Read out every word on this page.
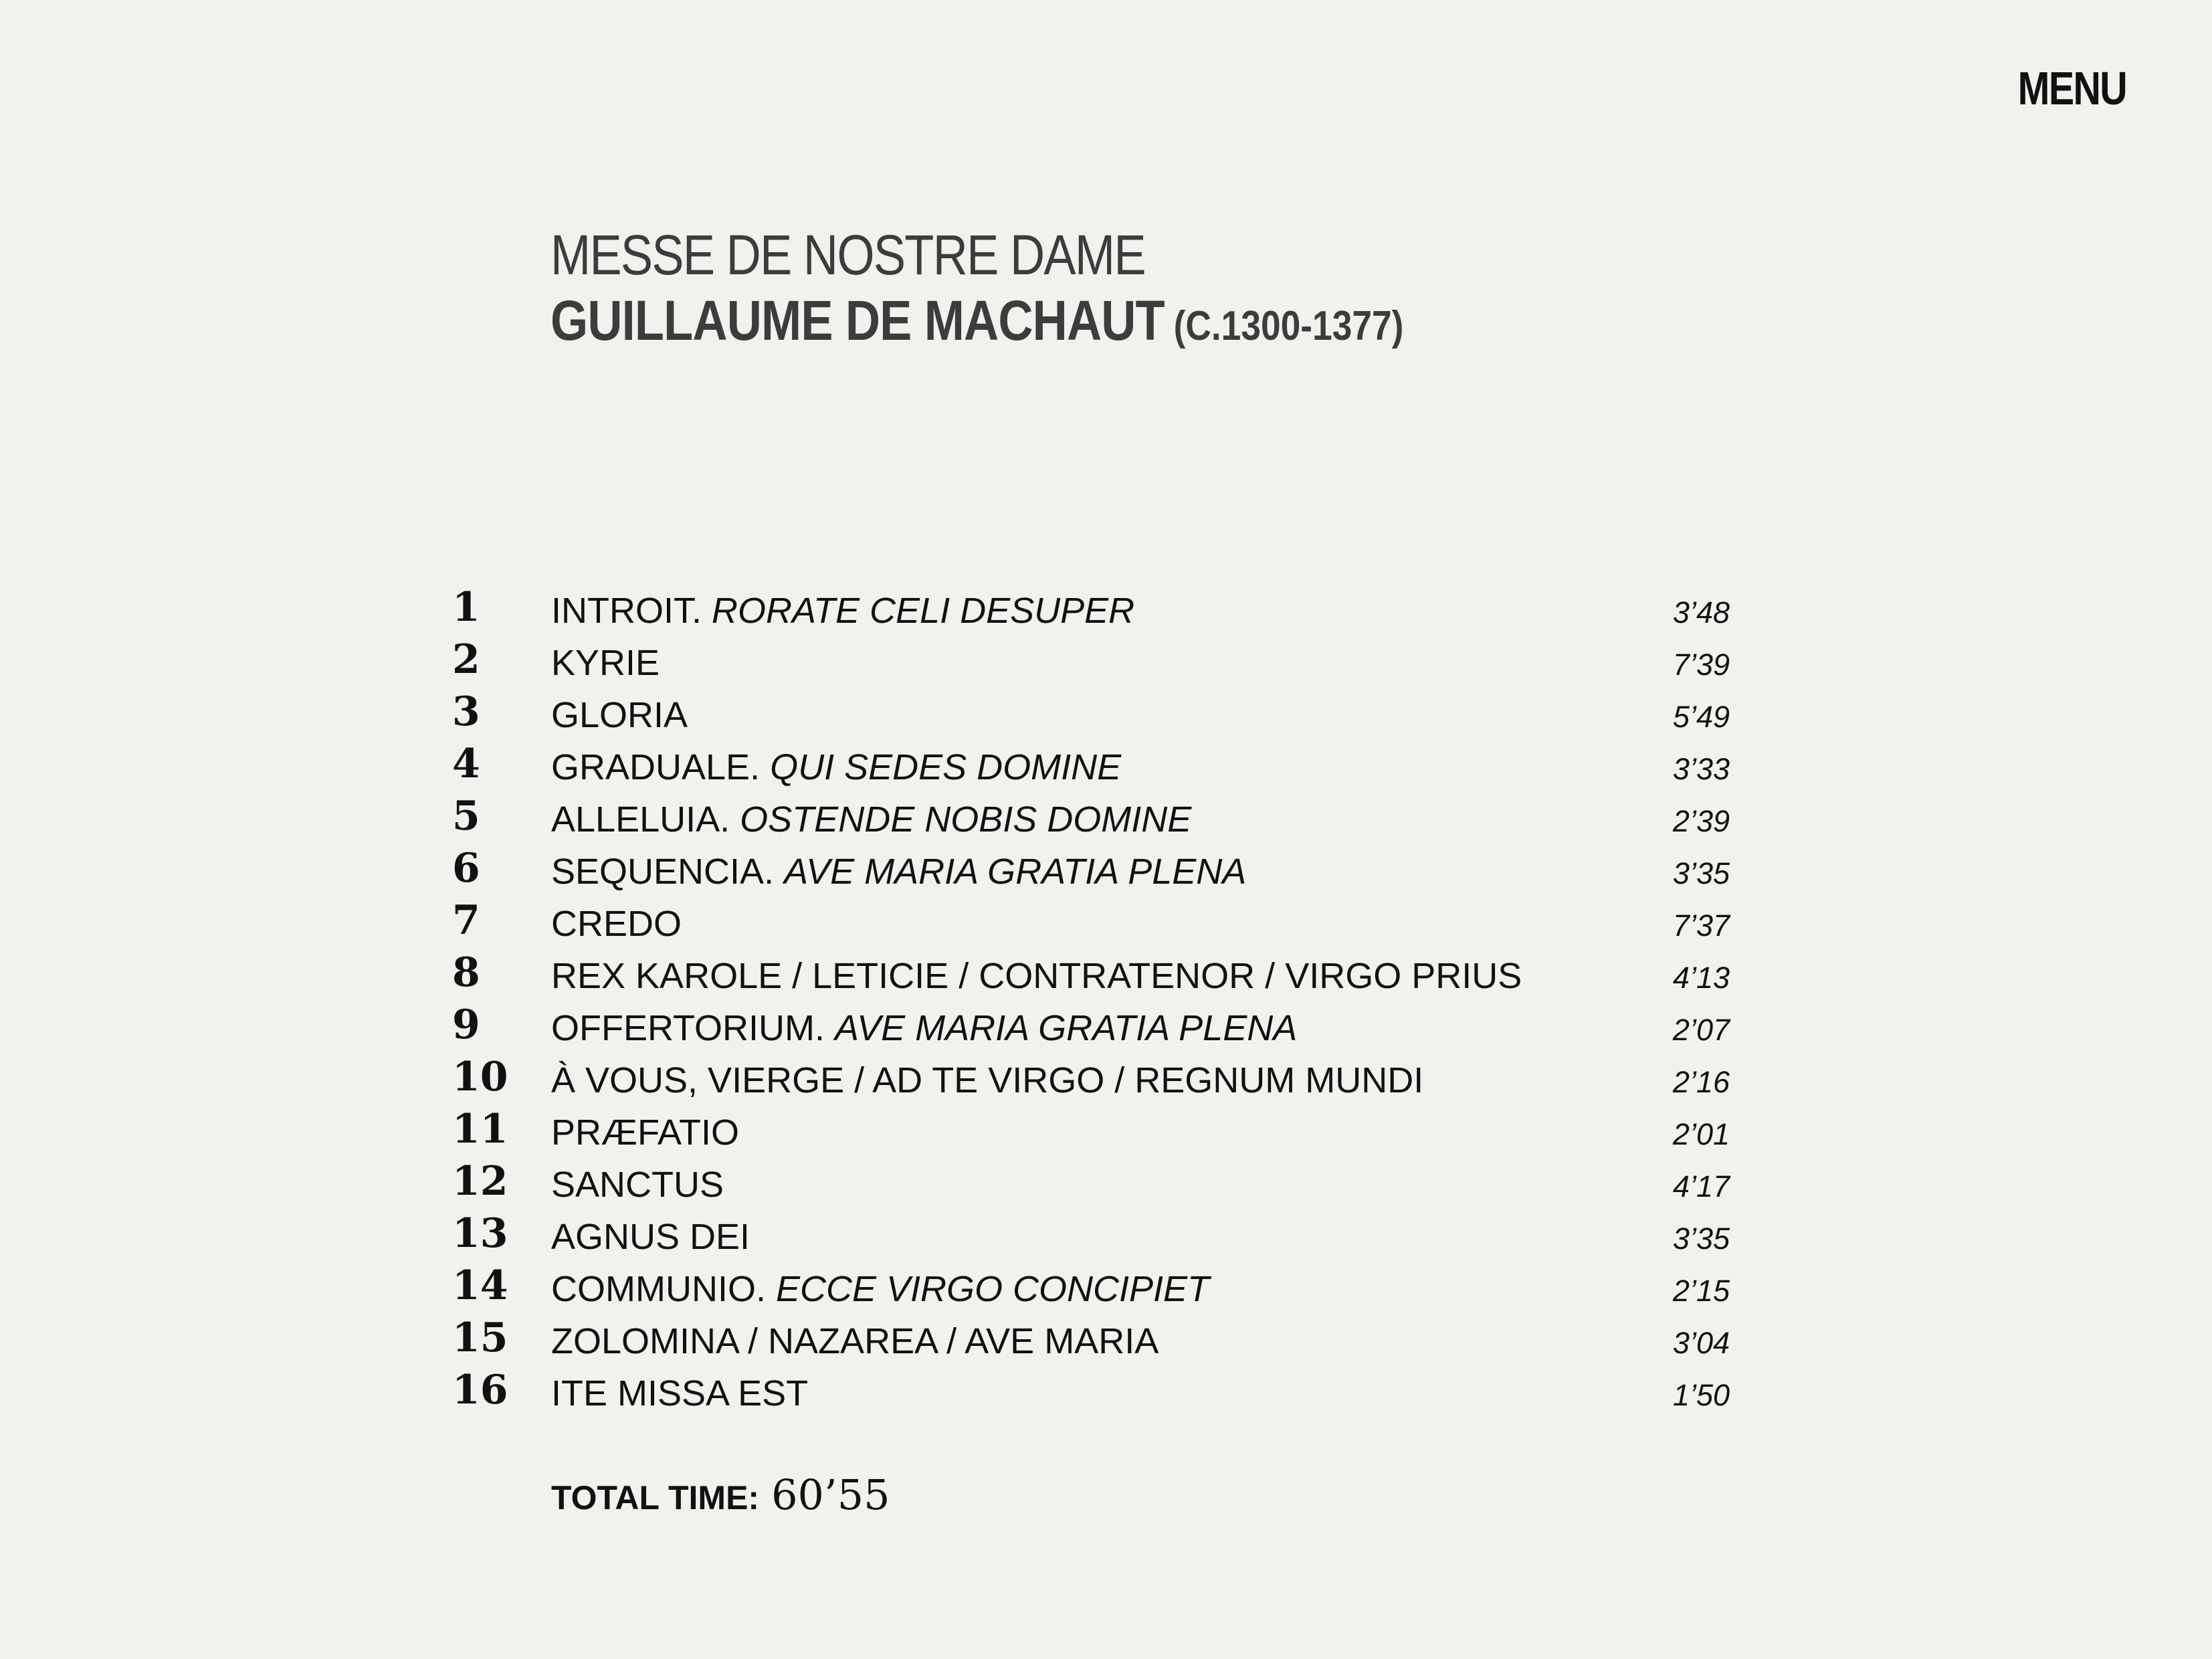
MENU
MESSE DE NOSTRE DAME
GUILLAUME DE MACHAUT (C.1300-1377)
1 INTROIT. RORATE CELI DESUPER	3’48
2 KYRIE	7’39
3 GLORIA	5’49
4 GRADUALE. QUI SEDES DOMINE	3’33
5 ALLELUIA. OSTENDE NOBIS DOMINE	2’39
6 SEQUENCIA. AVE MARIA GRATIA PLENA	3’35
7 CREDO	7’37
8 REX KAROLE / LETICIE / CONTRATENOR / VIRGO PRIUS	4’13
9 OFFERTORIUM. AVE MARIA GRATIA PLENA	2’07
10 À VOUS, VIERGE / AD TE VIRGO / REGNUM MUNDI	2’16
11 PRÆFATIO	2’01
12 SANCTUS	4’17
13 AGNUS DEI	3’35
14 COMMUNIO. ECCE VIRGO CONCIPIET	2’15
15 ZOLOMINA / NAZAREA / AVE MARIA	3’04
16 ITE MISSA EST	1’50
TOTAL TIME: 60’55
